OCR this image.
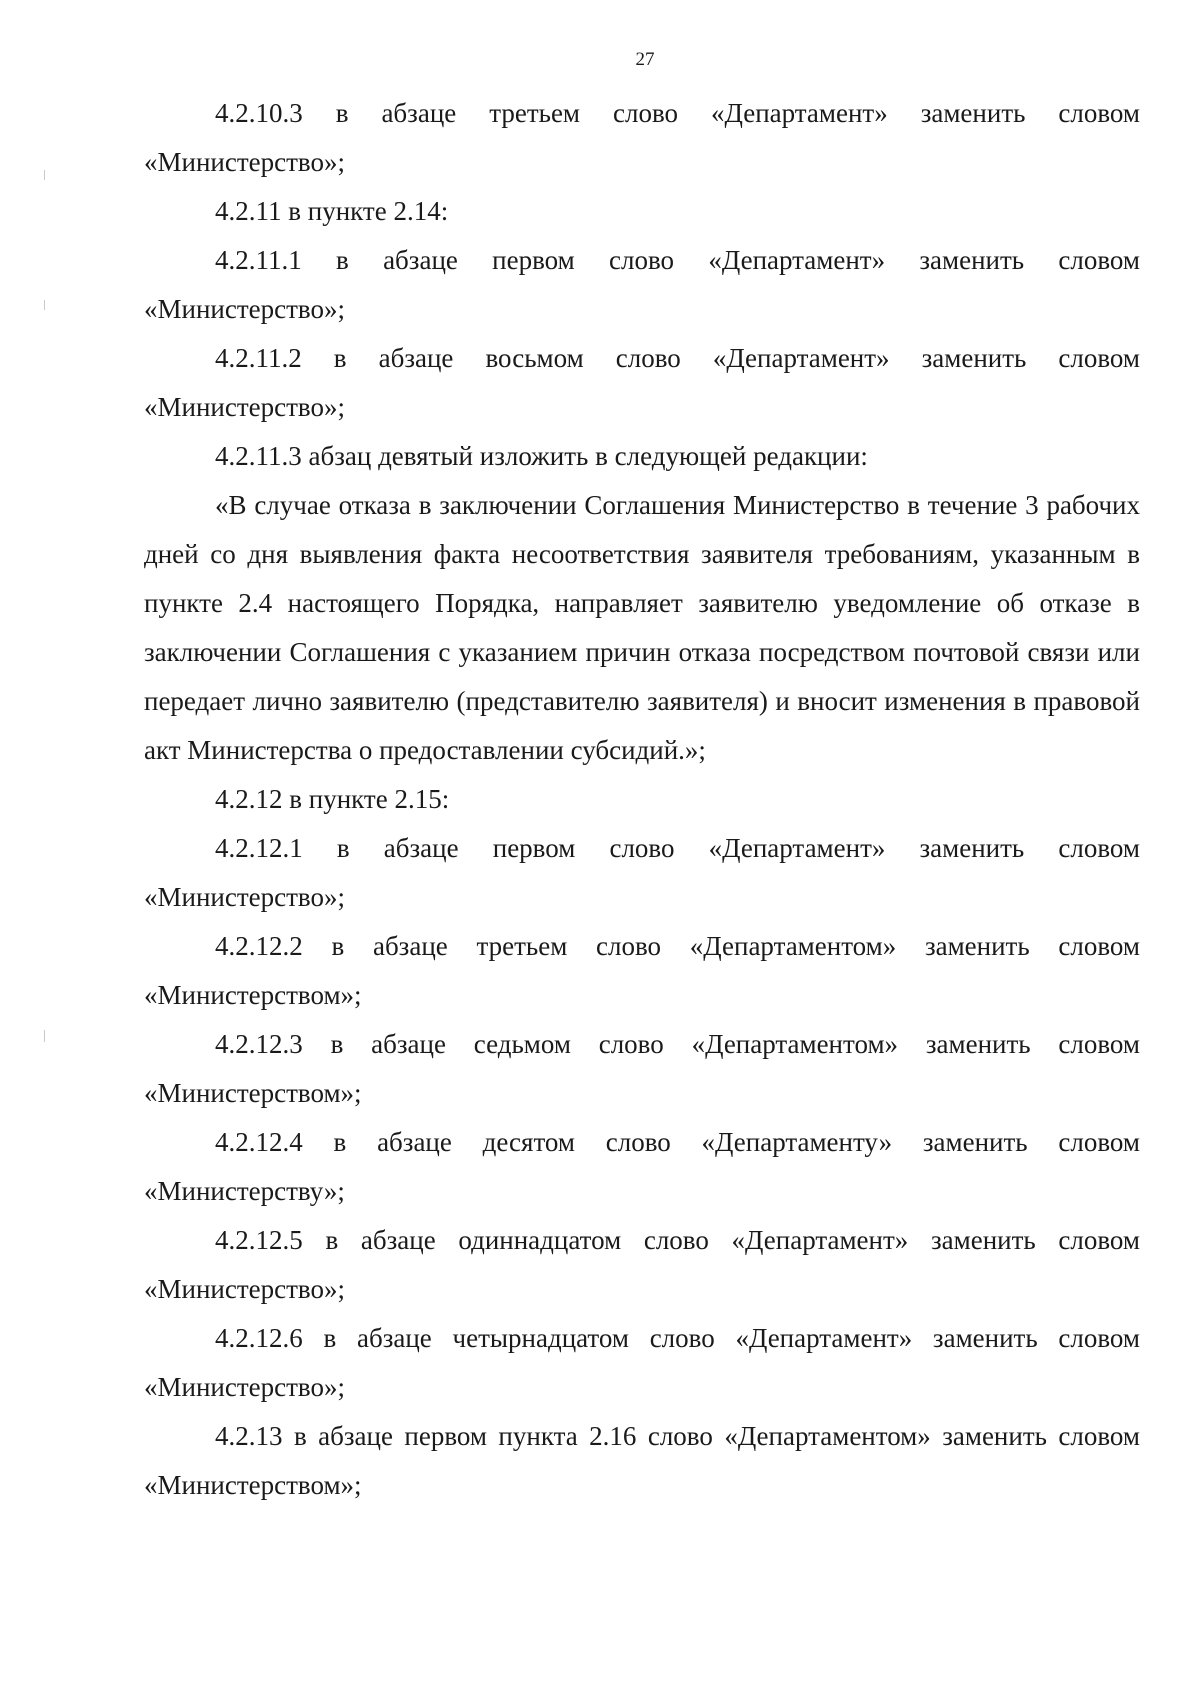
27

4.2.10.3 в абзаце третьем слово «Департамент» заменить словом «Министерство»;

4.2.11 в пункте 2.14:

4.2.11.1 в абзаце первом слово «Департамент» заменить словом «Министерство»;

4.2.11.2 в абзаце восьмом слово «Департамент» заменить словом «Министерство»;

4.2.11.3 абзац девятый изложить в следующей редакции:

«В случае отказа в заключении Соглашения Министерство в течение 3 рабочих дней со дня выявления факта несоответствия заявителя требованиям, указанным в пункте 2.4 настоящего Порядка, направляет заявителю уведомление об отказе в заключении Соглашения с указанием причин отказа посредством почтовой связи или передает лично заявителю (представителю заявителя) и вносит изменения в правовой акт Министерства о предоставлении субсидий.»;

4.2.12 в пункте 2.15:

4.2.12.1 в абзаце первом слово «Департамент» заменить словом «Министерство»;

4.2.12.2 в абзаце третьем слово «Департаментом» заменить словом «Министерством»;

4.2.12.3 в абзаце седьмом слово «Департаментом» заменить словом «Министерством»;

4.2.12.4 в абзаце десятом слово «Департаменту» заменить словом «Министерству»;

4.2.12.5 в абзаце одиннадцатом слово «Департамент» заменить словом «Министерство»;

4.2.12.6 в абзаце четырнадцатом слово «Департамент» заменить словом «Министерство»;

4.2.13 в абзаце первом пункта 2.16 слово «Департаментом» заменить словом «Министерством»;
